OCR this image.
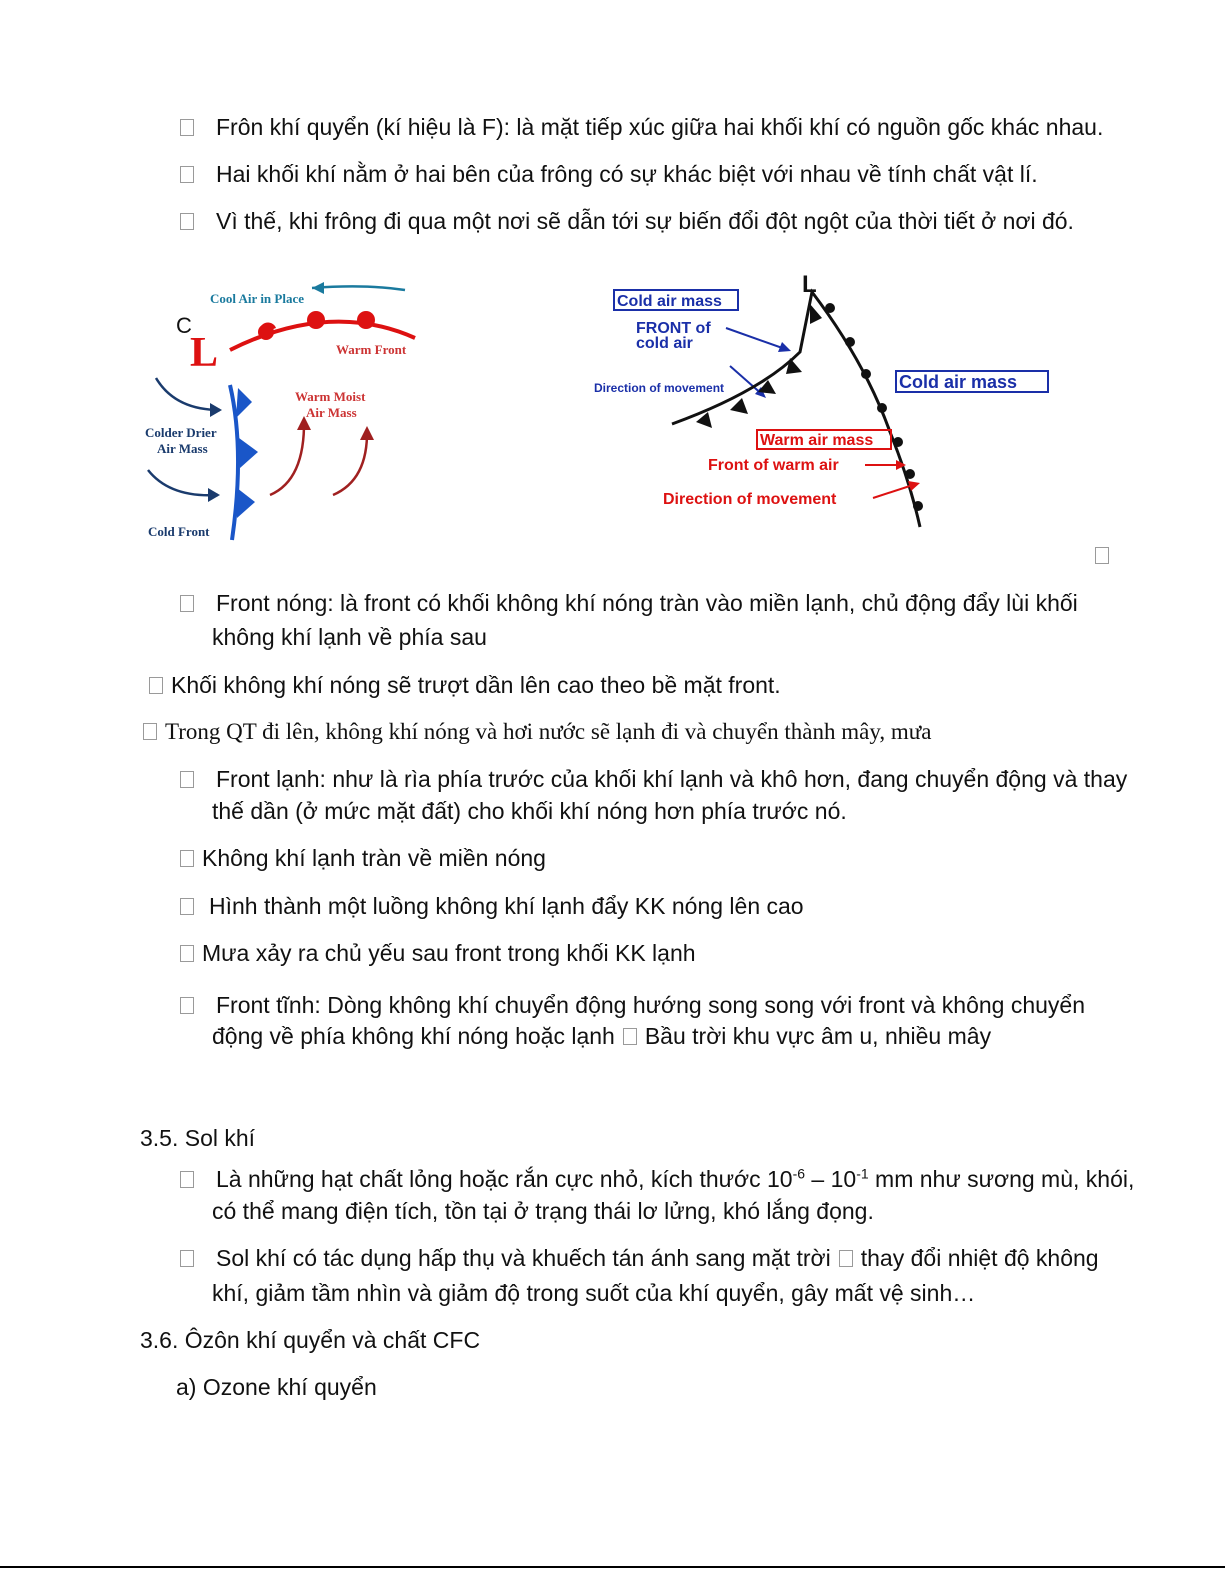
Frôn khí quyển (kí hiệu là F): là mặt tiếp xúc giữa hai khối khí có nguồn gốc khác nhau.
Hai khối khí nằm ở hai bên của frông có sự khác biệt với nhau về tính chất vật lí.
Vì thế, khi frông đi qua một nơi sẽ dẫn tới sự biến đổi đột ngột của thời tiết ở nơi đó.
Cool Air in Place
C
L	Warm Front
Warm Moist
Air Mass
Colder Drier
Air Mass
Cold Front
L
Cold air mass
FRONT of
cold air
Direction of movement	Cold air mass
Warm air mass
Front of warm air
Direction of movement
Front nóng: là front có khối không khí nóng tràn vào miền lạnh, chủ động đẩy lùi khối
không khí lạnh về phía sau
Khối không khí nóng sẽ trượt dần lên cao theo bề mặt front.
Trong QT đi lên, không khí nóng và hơi nước sẽ lạnh đi và chuyển thành mây, mưa
Front lạnh: như là rìa phía trước của khối khí lạnh và khô hơn, đang chuyển động và thay
thế dần (ở mức mặt đất) cho khối khí nóng hơn phía trước nó.
Không khí lạnh tràn về miền nóng
Hình thành một luồng không khí lạnh đẩy KK nóng lên cao
Mưa xảy ra chủ yếu sau front trong khối KK lạnh
Front tĩnh: Dòng không khí chuyển động hướng song song với front và không chuyển
động về phía không khí nóng hoặc lạnh Bầu trời khu vực âm u, nhiều mây
3.5. Sol khí
Là những hạt chất lỏng hoặc rắn cực nhỏ, kích thước $10^{-6} - 10^{-1}$ mm như sương mù, khói,
có thể mang điện tích, tồn tại ở trạng thái lơ lửng, khó lắng đọng.
Sol khí có tác dụng hấp thụ và khuếch tán ánh sang mặt trời thay đổi nhiệt độ không
khí, giảm tầm nhìn và giảm độ trong suốt của khí quyển, gây mất vệ sinh…
3.6. Ôzôn khí quyển và chất CFC
a) Ozone khí quyển
